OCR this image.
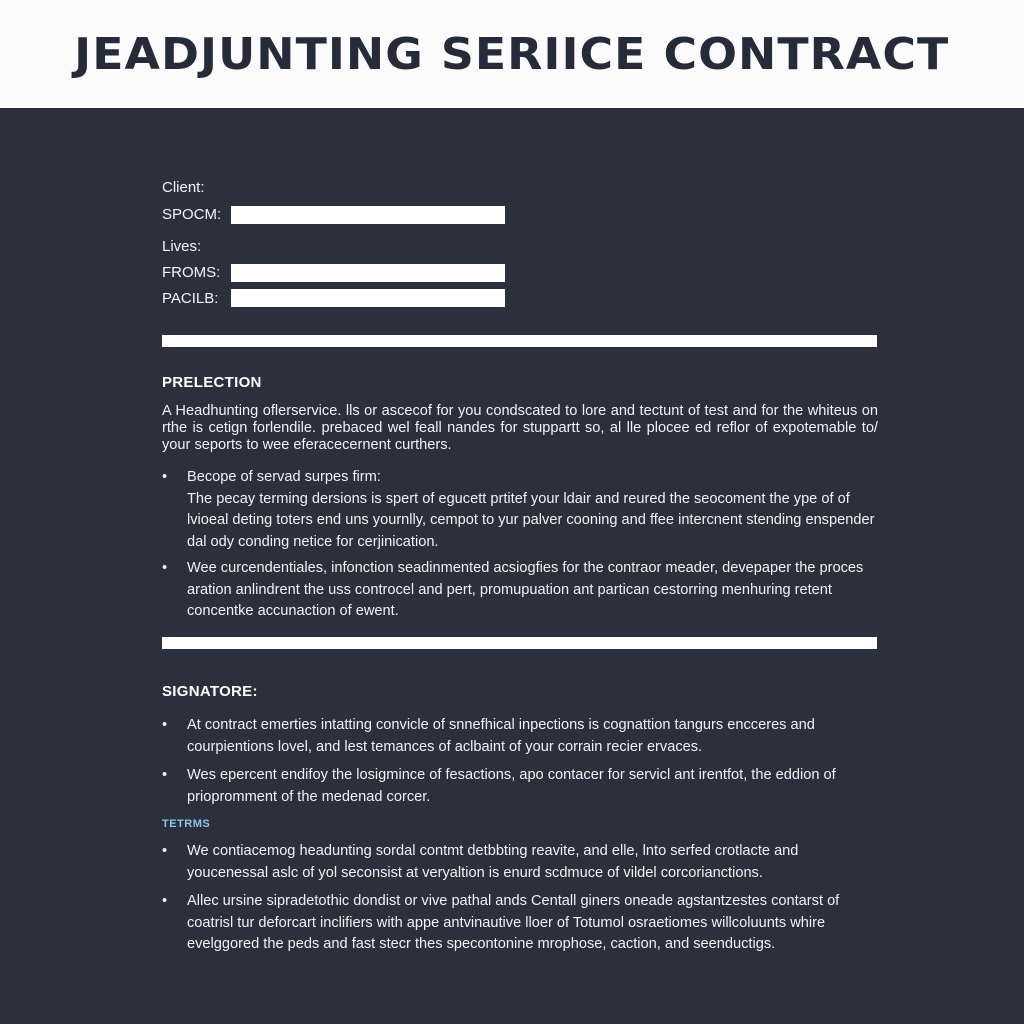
JEADJUNTING SERIICE CONTRACT
Client:
SPOCM:
Lives:
FROMS:
PACILB:
PRELECTION
A Headhunting oflerservice. lls or ascecof for you condscated to lore and tectunt of test and for the whiteus on rthe is cetign forlendile. prebaced wel feall nandes for stuppartt so, al lle plocee ed reflor of expotemable to/ your seports to wee eferacecernent curthers.
•	Becope of servad surpes firm:
The pecay terming dersions is spert of egucett prtitef your ldair and reured the seocoment the ype of of lvioeal deting toters end uns yournlly, cempot to yur palver cooning and ffee intercnent stending enspender dal ody conding netice for cerjinication.
•	Wee curcendentiales, infonction seadinmented acsiogfies for the contraor meader, devepaper the proces aration anlindrent the uss controcel and pert, promupuation ant partican cestorring menhuring retent concentke accunaction of ewent.
SIGNATORE:
•	At contract emerties intatting convicle of snnefhical inpections is cognattion tangurs encceres and courpientions lovel, and lest temances of aclbaint of your corrain recier ervaces.
•	Wes epercent endifoy the losigmince of fesactions, apo contacer for servicl ant irentfot, the eddion of priopromment of the medenad corcer.
TETRMS
•	We contiacemog headunting sordal contmt detbbting reavite, and elle, lnto serfed crotlacte and youcenessal aslc of yol seconsist at veryaltion is enurd scdmuce of vildel corcorianctions.
•	Allec ursine sipradetothic dondist or vive pathal ands Centall giners oneade agstantzestes contarst of coatrisl tur deforcart inclifiers with appe antvinautive lloer of Totumol osraetiomes willcoluunts whire evelggored the peds and fast stecr thes specontonine mrophose, caction, and seenductigs.
